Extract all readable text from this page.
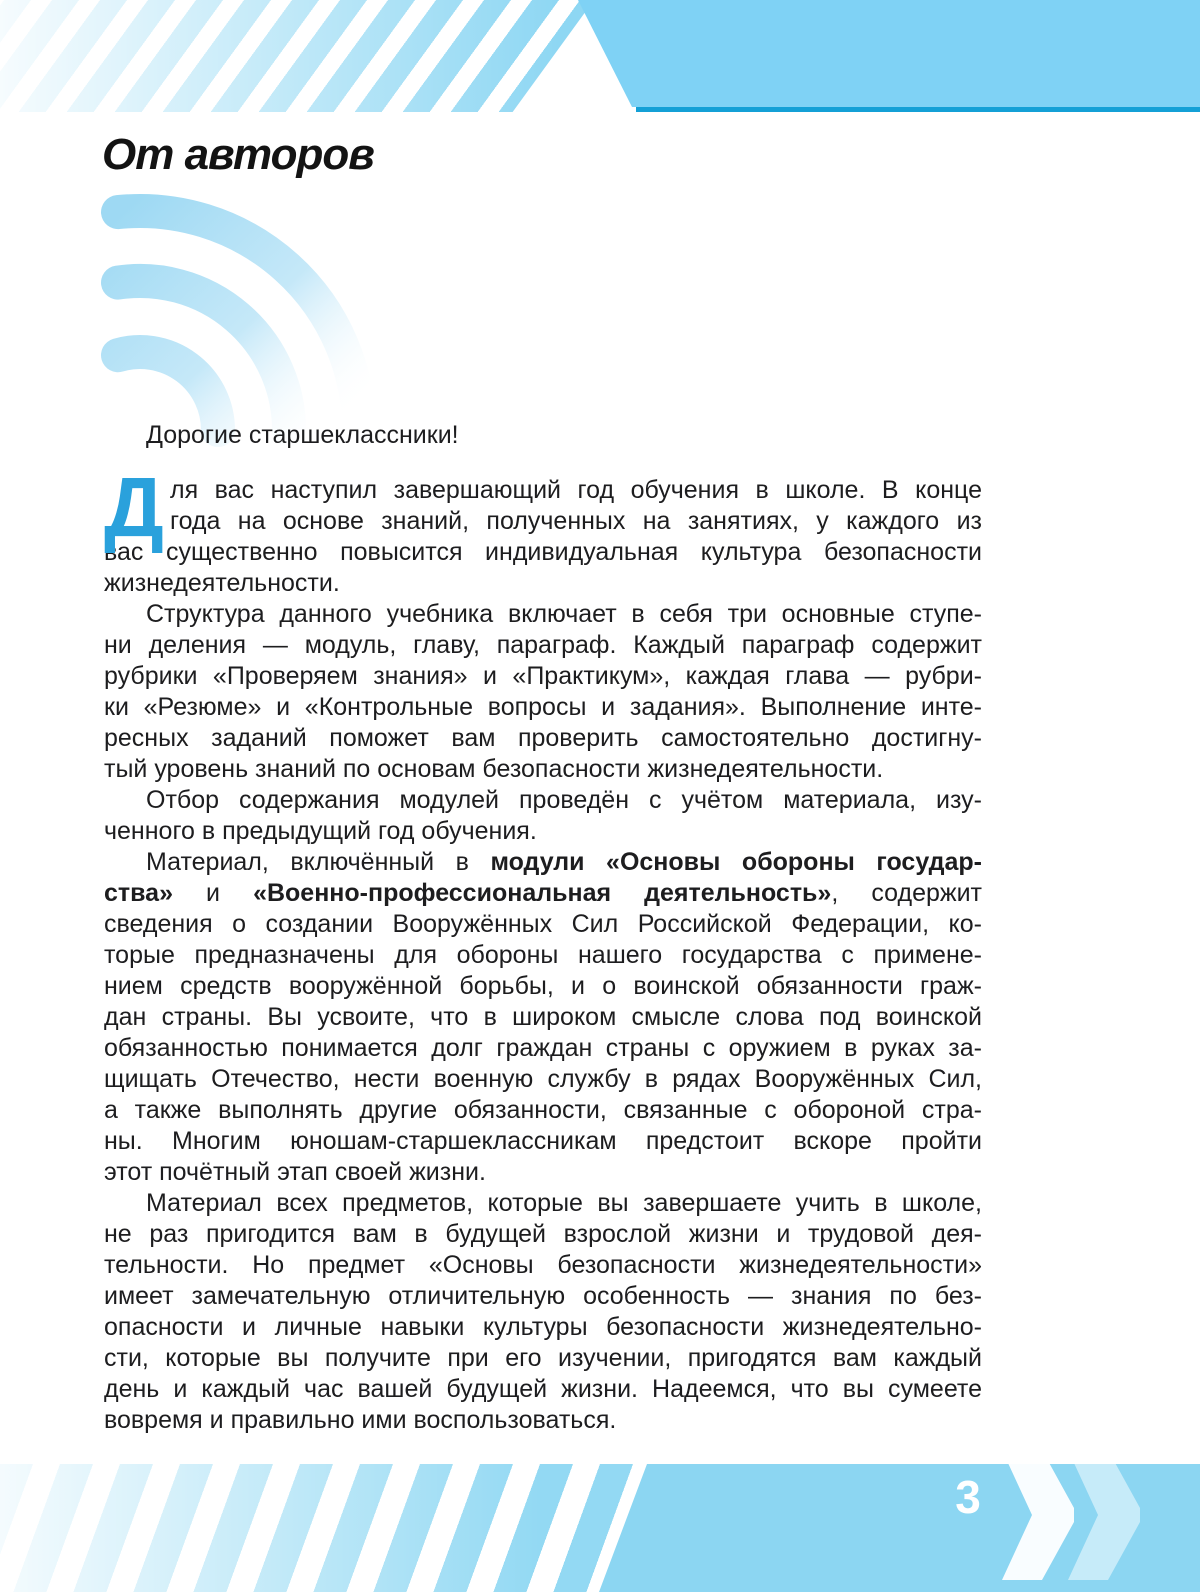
От авторов
Дорогие старшеклассники!
Д ля вас наступил завершающий год обучения в школе. В конце
года на основе знаний, полученных на занятиях, у каждого из
вас существенно повысится индивидуальная культура безопасности
жизнедеятельности.
Структура данного учебника включает в себя три основные ступе-
ни деления — модуль, главу, параграф. Каждый параграф содержит
рубрики «Проверяем знания» и «Практикум», каждая глава — рубри-
ки «Резюме» и «Контрольные вопросы и задания». Выполнение инте-
ресных заданий поможет вам проверить самостоятельно достигну-
тый уровень знаний по основам безопасности жизнедеятельности.
Отбор содержания модулей проведён с учётом материала, изу-
ченного в предыдущий год обучения.
Материал, включённый в модули «Основы обороны государ-
ства» и «Военно-профессиональная деятельность», содержит
сведения о создании Вооружённых Сил Российской Федерации, ко-
торые предназначены для обороны нашего государства с примене-
нием средств вооружённой борьбы, и о воинской обязанности граж-
дан страны. Вы усвоите, что в широком смысле слова под воинской
обязанностью понимается долг граждан страны с оружием в руках за-
щищать Отечество, нести военную службу в рядах Вооружённых Сил,
а также выполнять другие обязанности, связанные с обороной стра-
ны. Многим юношам-старшеклассникам предстоит вскоре пройти
этот почётный этап своей жизни.
Материал всех предметов, которые вы завершаете учить в школе,
не раз пригодится вам в будущей взрослой жизни и трудовой дея-
тельности. Но предмет «Основы безопасности жизнедеятельности»
имеет замечательную отличительную особенность — знания по без-
опасности и личные навыки культуры безопасности жизнедеятельно-
сти, которые вы получите при его изучении, пригодятся вам каждый
день и каждый час вашей будущей жизни. Надеемся, что вы сумеете
вовремя и правильно ими воспользоваться.
3
